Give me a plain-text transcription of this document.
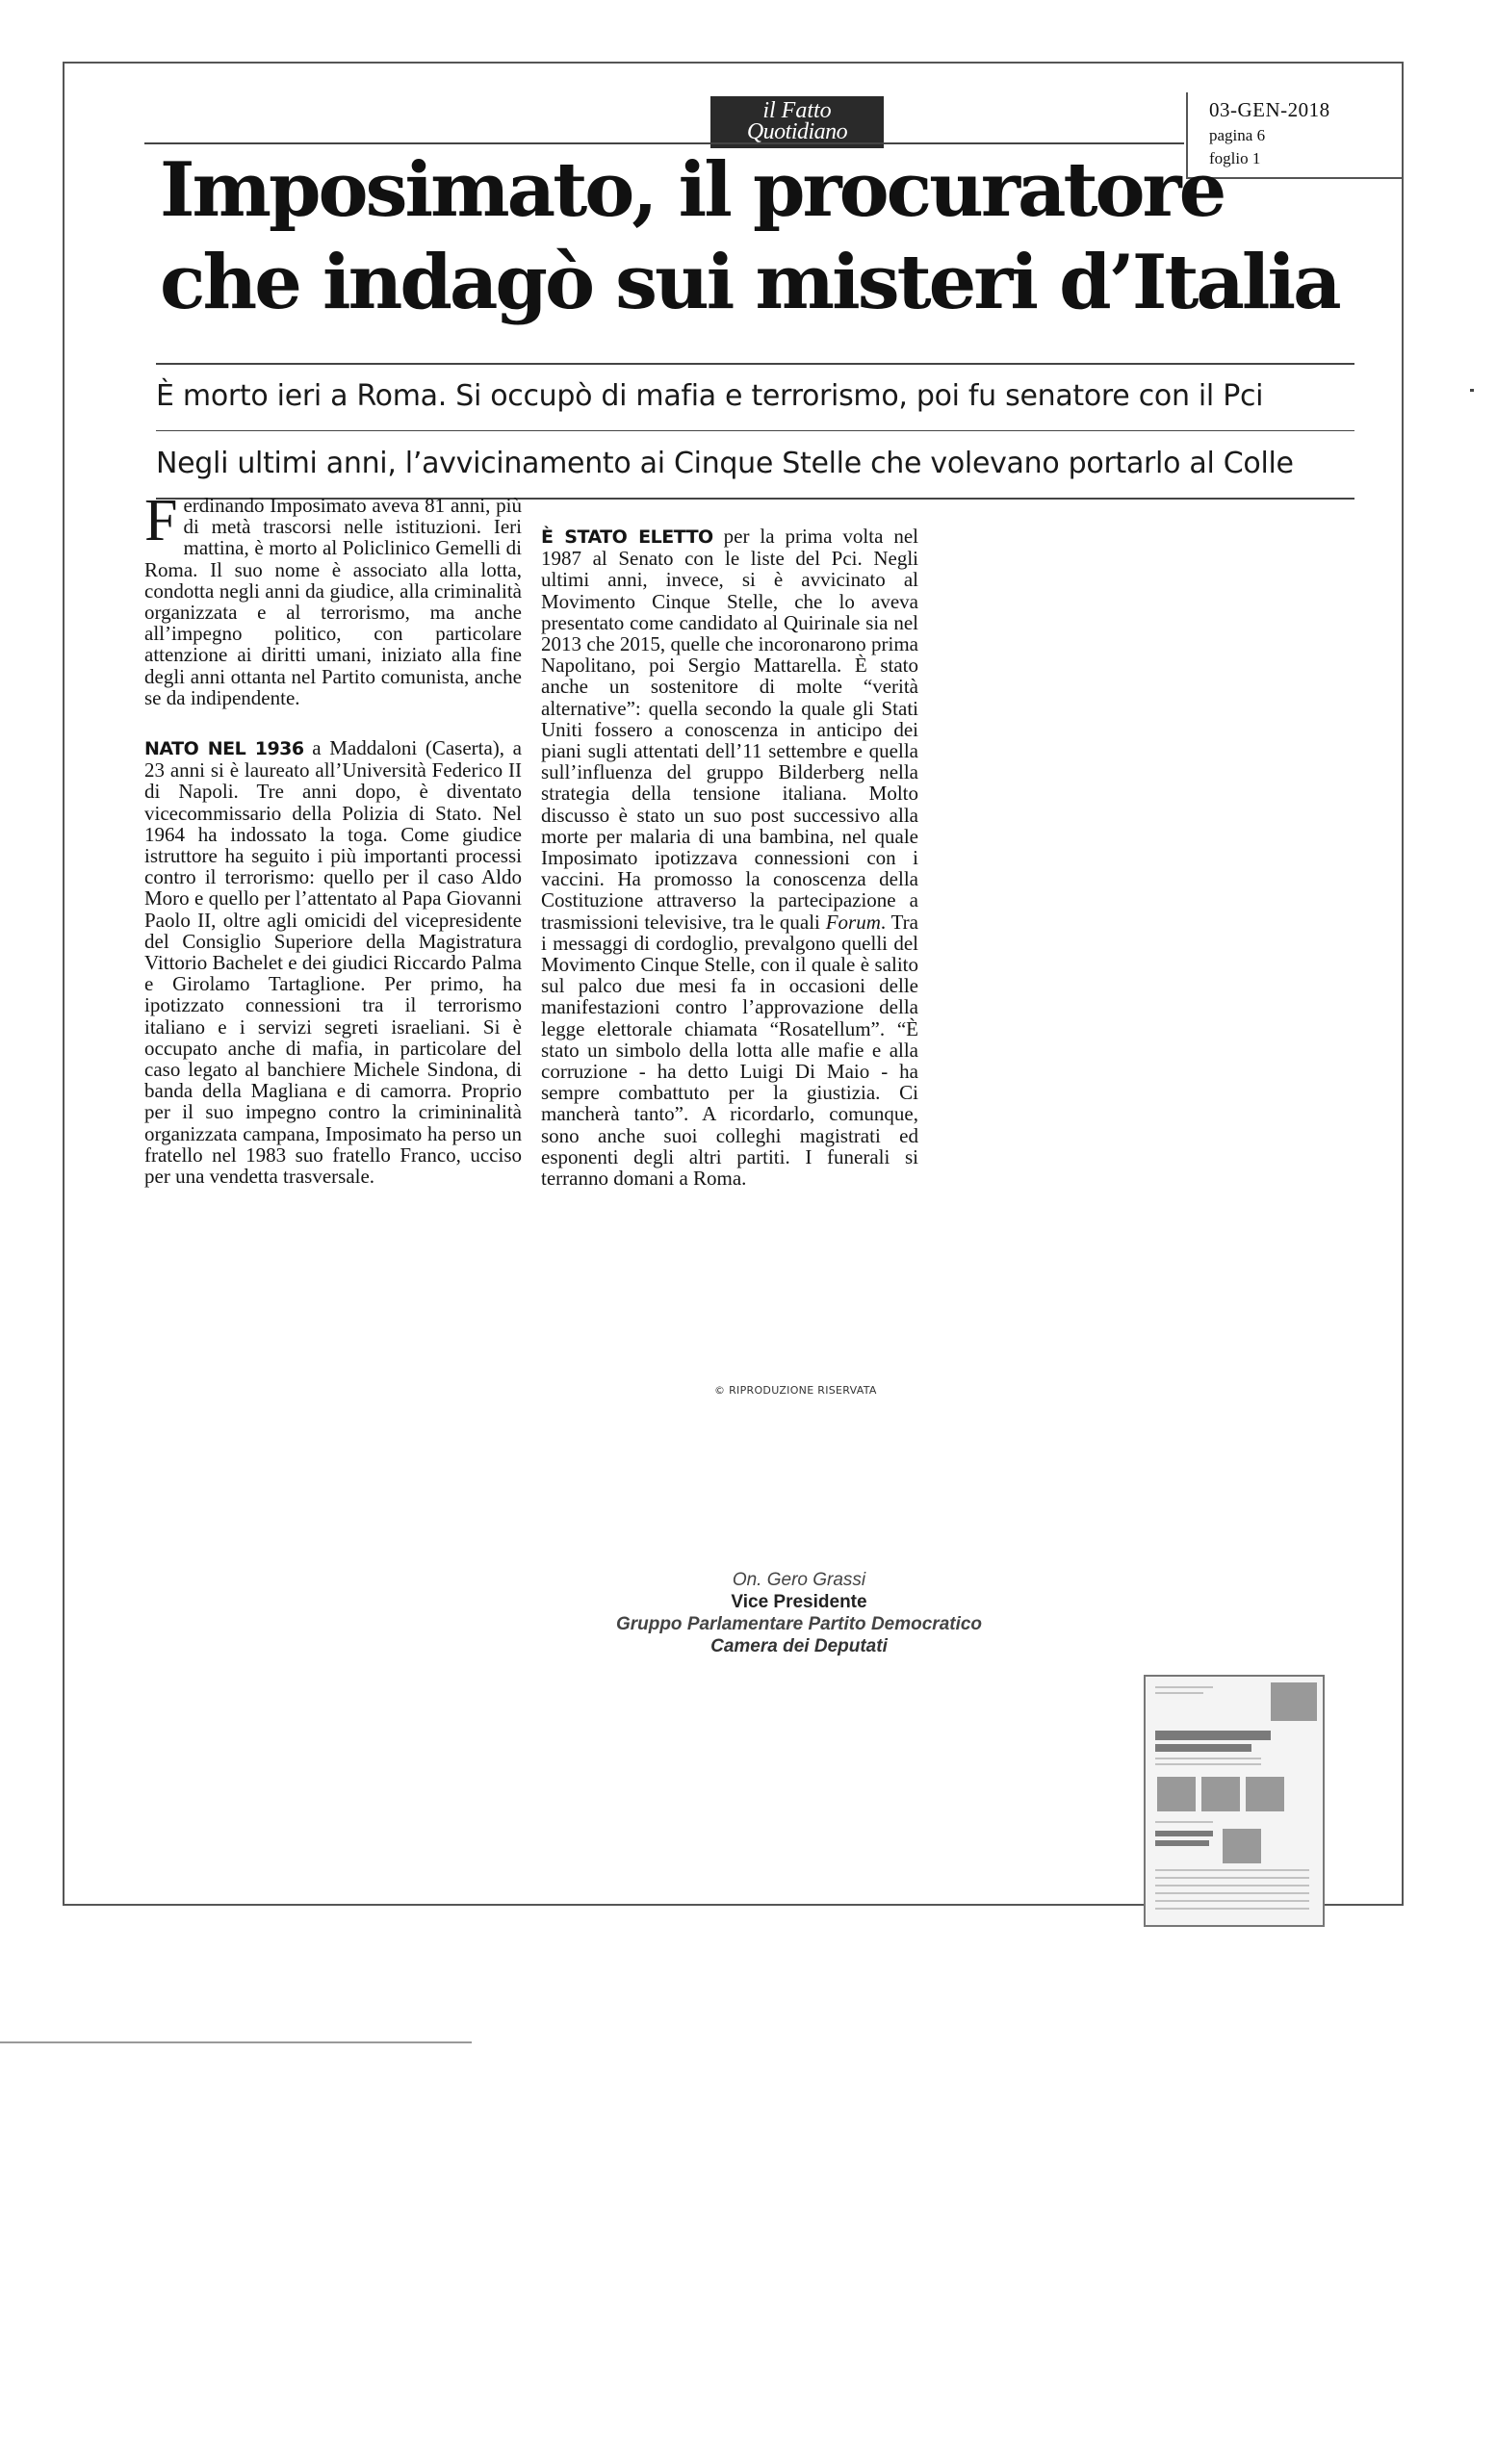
il Fatto
Quotidiano
03-GEN-2018
pagina 6
foglio 1
Imposimato, il procuratore che indagò sui misteri d’Italia
È morto ieri a Roma. Si occupò di mafia e terrorismo, poi fu senatore con il Pci
Negli ultimi anni, l’avvicinamento ai Cinque Stelle che volevano portarlo al Colle

Ferdinando Imposimato aveva 81 anni, più di metà trascorsi nelle istituzioni. Ieri mattina, è morto al Policlinico Gemelli di Roma. Il suo nome è associato alla lotta, condotta negli anni da giudice, alla criminalità organizzata e al terrorismo, ma anche all’impegno politico, con particolare attenzione ai diritti umani, iniziato alla fine degli anni ottanta nel Partito comunista, anche se da indipendente.

NATO NEL 1936 a Maddaloni (Caserta), a 23 anni si è laureato all’Università Federico II di Napoli. Tre anni dopo, è diventato vicecommissario della Polizia di Stato. Nel 1964 ha indossato la toga. Come giudice istruttore ha seguito i più importanti processi contro il terrorismo: quello per il caso Aldo Moro e quello per l’attentato al Papa Giovanni Paolo II, oltre agli omicidi del vicepresidente del Consiglio Superiore della Magistratura Vittorio Bachelet e dei giudici Riccardo Palma e Girolamo Tartaglione. Per primo, ha ipotizzato connessioni tra il terrorismo italiano e i servizi segreti israeliani. Si è occupato anche di mafia, in particolare del caso legato al banchiere Michele Sindona, di banda della Magliana e di camorra. Proprio per il suo impegno contro la crimininalità organizzata campana, Imposimato ha perso un fratello nel 1983 suo fratello Franco, ucciso per una vendetta trasversale.

È STATO ELETTO per la prima volta nel 1987 al Senato con le liste del Pci. Negli ultimi anni, invece, si è avvicinato al Movimento Cinque Stelle, che lo aveva presentato come candidato al Quirinale sia nel 2013 che 2015, quelle che incoronarono prima Napolitano, poi Sergio Mattarella. È stato anche un sostenitore di molte “verità alternative”: quella secondo la quale gli Stati Uniti fossero a conoscenza in anticipo dei piani sugli attentati dell’11 settembre e quella sull’influenza del gruppo Bilderberg nella strategia della tensione italiana. Molto discusso è stato un suo post successivo alla morte per malaria di una bambina, nel quale Imposimato ipotizzava connessioni con i vaccini. Ha promosso la conoscenza della Costituzione attraverso la partecipazione a trasmissioni televisive, tra le quali Forum. Tra i messaggi di cordoglio, prevalgono quelli del Movimento Cinque Stelle, con il quale è salito sul palco due mesi fa in occasioni delle manifestazioni contro l’approvazione della legge elettorale chiamata “Rosatellum”. “È stato un simbolo della lotta alle mafie e alla corruzione - ha detto Luigi Di Maio - ha sempre combattuto per la giustizia. Ci mancherà tanto”. A ricordarlo, comunque, sono anche suoi colleghi magistrati ed esponenti degli altri partiti. I funerali si terranno domani a Roma.

© RIPRODUZIONE RISERVATA
On. Gero Grassi
Vice Presidente
Gruppo Parlamentare Partito Democratico
Camera dei Deputati
